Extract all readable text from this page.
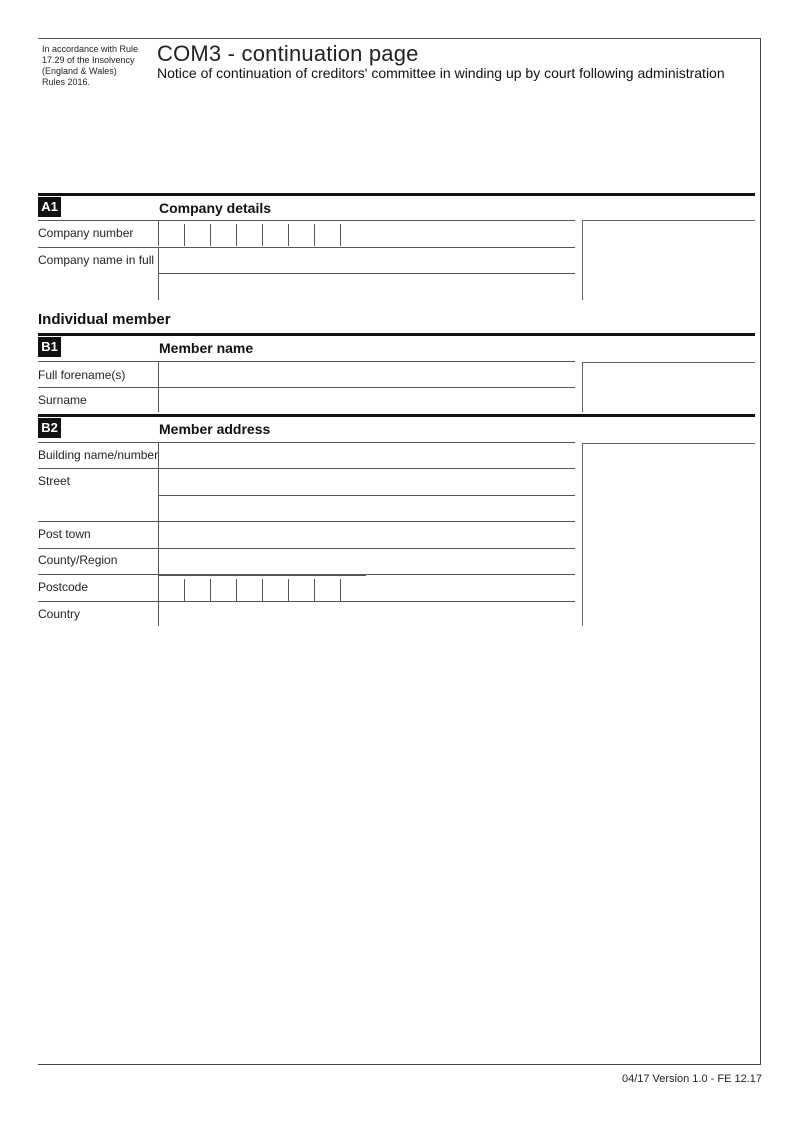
In accordance with Rule 17.29 of the Insolvency (England & Wales) Rules 2016.
COM3 - continuation page
Notice of continuation of creditors' committee in winding up by court following administration
A1	Company details
Company number
Company name in full
Individual member
B1	Member name
Full forename(s)
Surname
B2	Member address
Building name/number
Street
Post town
County/Region
Postcode
Country
04/17 Version 1.0 - FE 12.17
